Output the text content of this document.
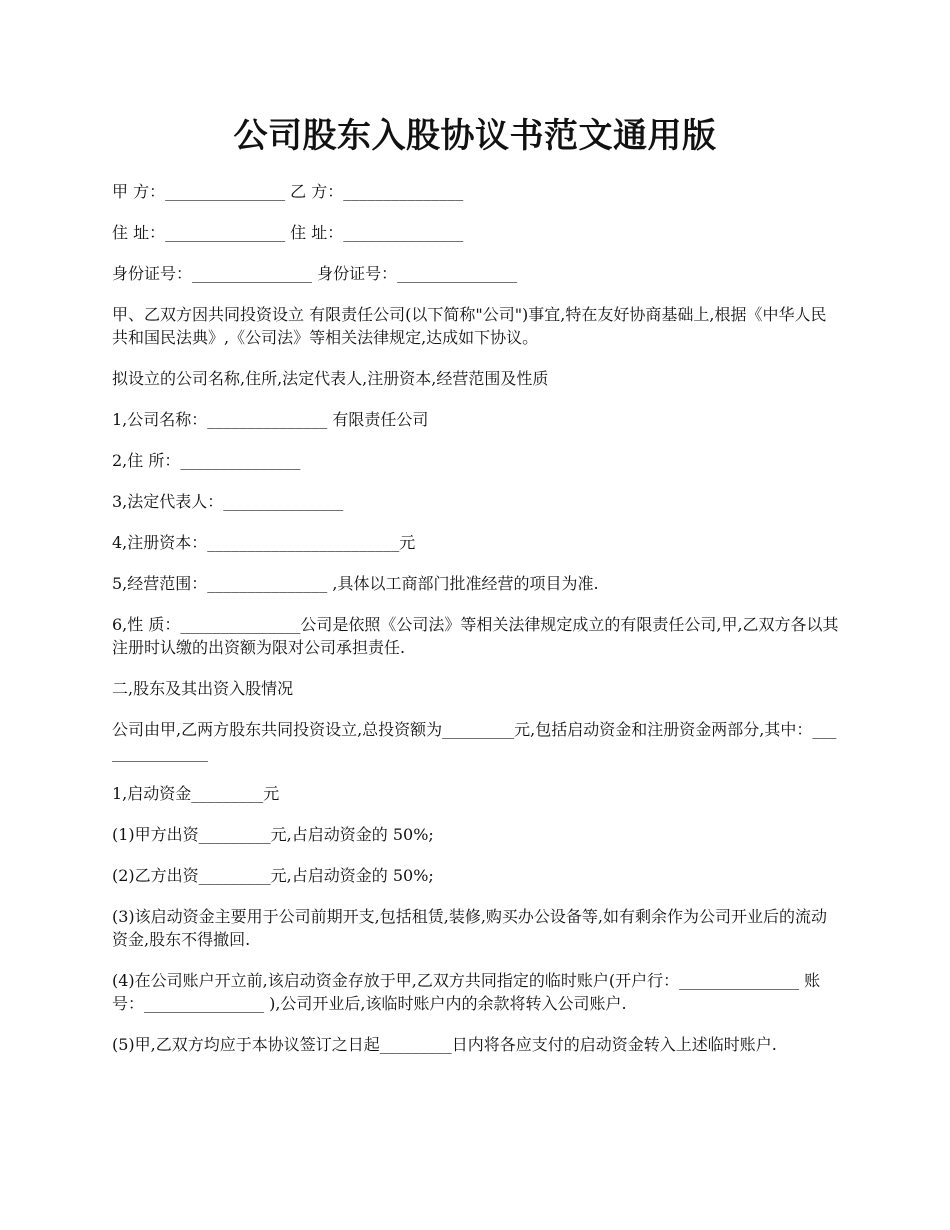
公司股东入股协议书范文通用版

甲 方：_______________ 乙 方：_______________

住 址：_______________ 住 址：_______________

身份证号：_______________ 身份证号：_______________

甲、乙双方因共同投资设立 有限责任公司(以下简称"公司")事宜,特在友好协商基础上,根据《中华人民共和国民法典》,《公司法》等相关法律规定,达成如下协议。

拟设立的公司名称,住所,法定代表人,注册资本,经营范围及性质

1,公司名称：_______________ 有限责任公司

2,住 所：_______________

3,法定代表人：_______________

4,注册资本：________________________元

5,经营范围：_______________ ,具体以工商部门批准经营的项目为准.

6,性 质：_______________公司是依照《公司法》等相关法律规定成立的有限责任公司,甲,乙双方各以其注册时认缴的出资额为限对公司承担责任.

二,股东及其出资入股情况

公司由甲,乙两方股东共同投资设立,总投资额为_________元,包括启动资金和注册资金两部分,其中：_______________

1,启动资金_________元

(1)甲方出资_________元,占启动资金的 50%;

(2)乙方出资_________元,占启动资金的 50%;

(3)该启动资金主要用于公司前期开支,包括租赁,装修,购买办公设备等,如有剩余作为公司开业后的流动资金,股东不得撤回.

(4)在公司账户开立前,该启动资金存放于甲,乙双方共同指定的临时账户(开户行：_______________ 账号：_______________ ),公司开业后,该临时账户内的余款将转入公司账户.

(5)甲,乙双方均应于本协议签订之日起_________日内将各应支付的启动资金转入上述临时账户.
